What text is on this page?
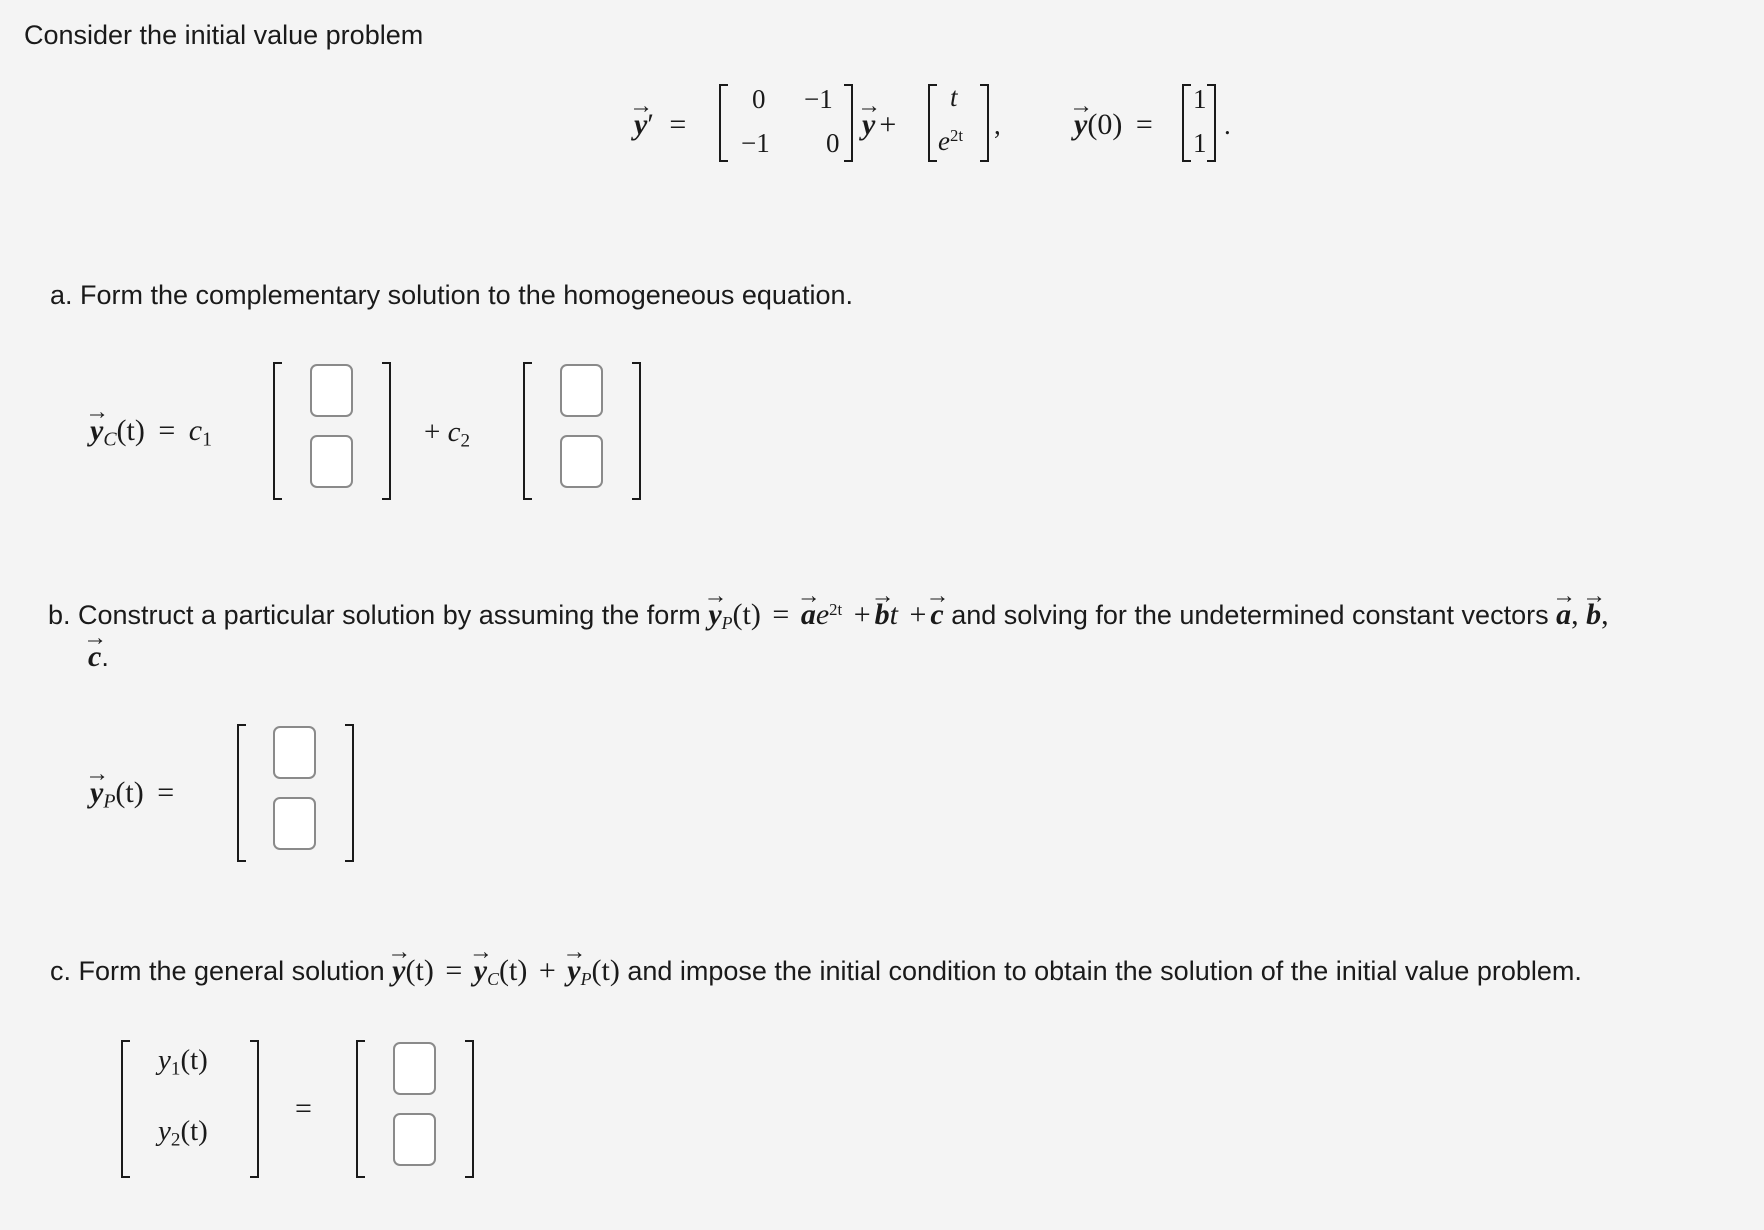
Consider the initial value problem
→ y′ =
0 −1
−1 0
→ y +
t
$e^{2t}$ , → y(0) =
1
1
.
a. Form the complementary solution to the homogeneous equation.
→ $y_C(t) = c_1$	+ $c_2$
b. Construct a particular solution by assuming the form → $y_P(t)$ = → $ae^{2t}$ + → bt + → c and solving for the undetermined constant vectors → a, → b,
→ c.
→ $y_P(t)$ =
c. Form the general solution → y(t) = → $y_C(t)$ + → $y_P(t)$ and impose the initial condition to obtain the solution of the initial value problem.
$y_1(t)$
$y_2(t)$
=
